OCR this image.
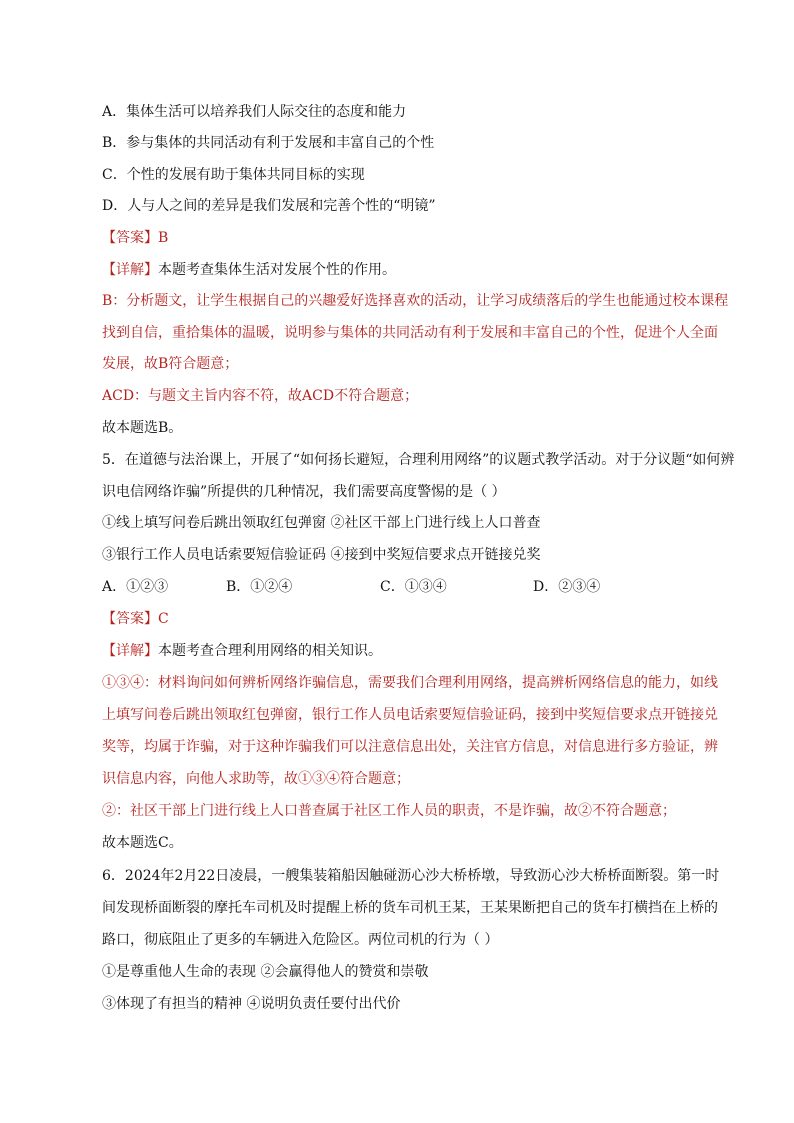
A．集体生活可以培养我们人际交往的态度和能力

B．参与集体的共同活动有利于发展和丰富自己的个性

C．个性的发展有助于集体共同目标的实现

D．人与人之间的差异是我们发展和完善个性的“明镜”

【答案】B

【详解】本题考查集体生活对发展个性的作用。

B：分析题文，让学生根据自己的兴趣爱好选择喜欢的活动，让学习成绩落后的学生也能通过校本课程

找到自信，重拾集体的温暖，说明参与集体的共同活动有利于发展和丰富自己的个性，促进个人全面

发展，故B符合题意；

ACD：与题文主旨内容不符，故ACD不符合题意；

故本题选B。

5．在道德与法治课上，开展了“如何扬长避短，合理利用网络”的议题式教学活动。对于分议题“如何辨

识电信网络诈骗”所提供的几种情况，我们需要高度警惕的是（ ）

①线上填写问卷后跳出领取红包弹窗 ②社区干部上门进行线上人口普查

③银行工作人员电话索要短信验证码 ④接到中奖短信要求点开链接兑奖

A．①②③	B．①②④	C．①③④	D．②③④

【答案】C

【详解】本题考查合理利用网络的相关知识。

①③④：材料询问如何辨析网络诈骗信息，需要我们合理利用网络，提高辨析网络信息的能力，如线

上填写问卷后跳出领取红包弹窗，银行工作人员电话索要短信验证码，接到中奖短信要求点开链接兑

奖等，均属于诈骗，对于这种诈骗我们可以注意信息出处，关注官方信息，对信息进行多方验证，辨

识信息内容，向他人求助等，故①③④符合题意；

②：社区干部上门进行线上人口普查属于社区工作人员的职责，不是诈骗，故②不符合题意；

故本题选C。

6．2024年2月22日凌晨，一艘集装箱船因触碰沥心沙大桥桥墩，导致沥心沙大桥桥面断裂。第一时

间发现桥面断裂的摩托车司机及时提醒上桥的货车司机王某，王某果断把自己的货车打横挡在上桥的

路口，彻底阻止了更多的车辆进入危险区。两位司机的行为（ ）

①是尊重他人生命的表现 ②会赢得他人的赞赏和崇敬

③体现了有担当的精神 ④说明负责任要付出代价
